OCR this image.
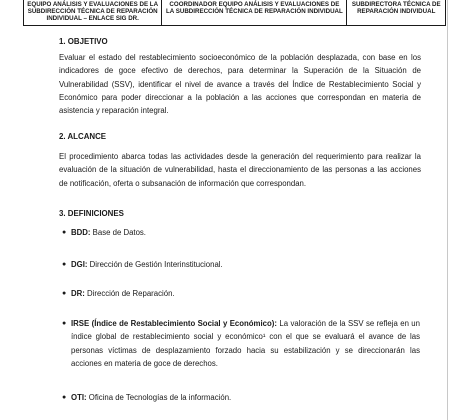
EQUIPO ANÁLISIS Y EVALUACIONES DE LA SUBDIRECCIÓN TÉCNICA DE REPARACIÓN INDIVIDUAL – ENLACE SIG DR.
COORDINADOR EQUIPO ANÁLISIS Y EVALUACIONES DE LA SUBDIRECCIÓN TÉCNICA DE REPARACIÓN INDIVIDUAL
SUBDIRECTORA TÉCNICA DE REPARACIÓN INDIVIDUAL
1. OBJETIVO
Evaluar el estado del restablecimiento socioeconómico de la población desplazada, con base en los indicadores de goce efectivo de derechos, para determinar la Superación de la Situación de Vulnerabilidad (SSV), identificar el nivel de avance a través del Índice de Restablecimiento Social y Económico para poder direccionar a la población a las acciones que correspondan en materia de asistencia y reparación integral.
2. ALCANCE
El procedimiento abarca todas las actividades desde la generación del requerimiento para realizar la evaluación de la situación de vulnerabilidad, hasta el direccionamiento de las personas a las acciones de notificación, oferta o subsanación de información que correspondan.
3. DEFINICIONES
● BDD: Base de Datos.
● DGI: Dirección de Gestión Interinstitucional.
● DR: Dirección de Reparación.
● IRSE (Índice de Restablecimiento Social y Económico): La valoración de la SSV se refleja en un índice global de restablecimiento social y económico¹ con el que se evaluará el avance de las personas víctimas de desplazamiento forzado hacia su estabilización y se direccionarán las acciones en materia de goce de derechos.
● OTI: Oficina de Tecnologías de la información.
